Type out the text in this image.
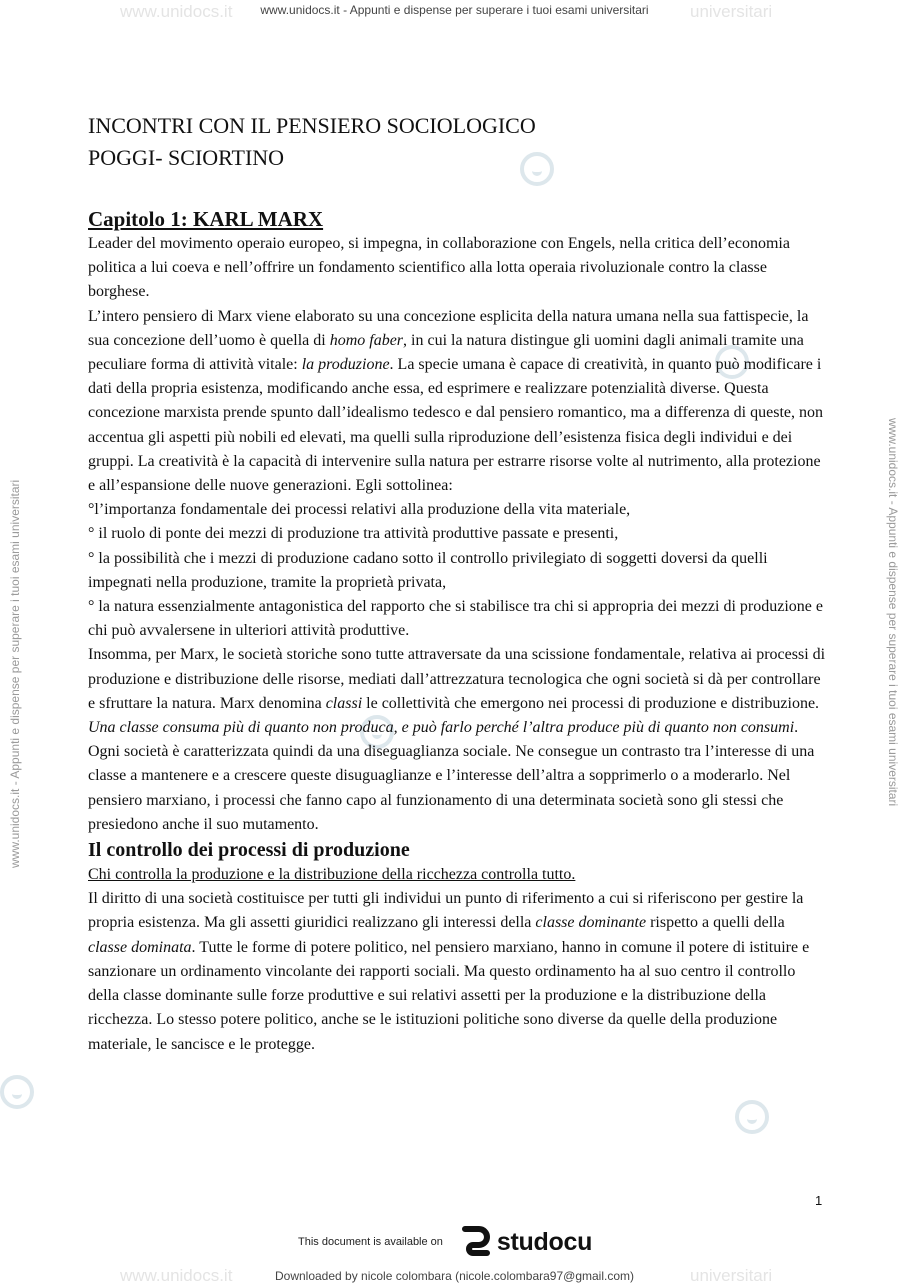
www.unidocs.it	universitari
www.unidocs.it	universitari
www.unidocs.it - Appunti e dispense per superare i tuoi esami universitari
www.unidocs.it - Appunti e dispense per superare i tuoi esami universitari	www.unidocs.it - Appunti e dispense per superare i tuoi esami universitari
INCONTRI CON IL PENSIERO SOCIOLOGICO
POGGI- SCIORTINO
Capitolo 1: KARL MARX

Leader del movimento operaio europeo, si impegna, in collaborazione con Engels, nella critica dell’economia politica a lui coeva e nell’offrire un fondamento scientifico alla lotta operaia rivoluzionale contro la classe borghese.

L’intero pensiero di Marx viene elaborato su una concezione esplicita della natura umana nella sua fattispecie, la sua concezione dell’uomo è quella di homo faber, in cui la natura distingue gli uomini dagli animali tramite una peculiare forma di attività vitale: la produzione. La specie umana è capace di creatività, in quanto può modificare i dati della propria esistenza, modificando anche essa, ed esprimere e realizzare potenzialità diverse. Questa concezione marxista prende spunto dall’idealismo tedesco e dal pensiero romantico, ma a differenza di queste, non accentua gli aspetti più nobili ed elevati, ma quelli sulla riproduzione dell’esistenza fisica degli individui e dei gruppi. La creatività è la capacità di intervenire sulla natura per estrarre risorse volte al nutrimento, alla protezione e all’espansione delle nuove generazioni. Egli sottolinea:

°l’importanza fondamentale dei processi relativi alla produzione della vita materiale,

° il ruolo di ponte dei mezzi di produzione tra attività produttive passate e presenti,

° la possibilità che i mezzi di produzione cadano sotto il controllo privilegiato di soggetti doversi da quelli impegnati nella produzione, tramite la proprietà privata,

° la natura essenzialmente antagonistica del rapporto che si stabilisce tra chi si appropria dei mezzi di produzione e chi può avvalersene in ulteriori attività produttive.

Insomma, per Marx, le società storiche sono tutte attraversate da una scissione fondamentale, relativa ai processi di produzione e distribuzione delle risorse, mediati dall’attrezzatura tecnologica che ogni società si dà per controllare e sfruttare la natura. Marx denomina classi le collettività che emergono nei processi di produzione e distribuzione. Una classe consuma più di quanto non produca, e può farlo perché l’altra produce più di quanto non consumi. Ogni società è caratterizzata quindi da una diseguaglianza sociale. Ne consegue un contrasto tra l’interesse di una classe a mantenere e a crescere queste disuguaglianze e l’interesse dell’altra a sopprimerlo o a moderarlo. Nel pensiero marxiano, i processi che fanno capo al funzionamento di una determinata società sono gli stessi che presiedono anche il suo mutamento.

Il controllo dei processi di produzione

Chi controlla la produzione e la distribuzione della ricchezza controlla tutto.

Il diritto di una società costituisce per tutti gli individui un punto di riferimento a cui si riferiscono per gestire la propria esistenza. Ma gli assetti giuridici realizzano gli interessi della classe dominante rispetto a quelli della classe dominata. Tutte le forme di potere politico, nel pensiero marxiano, hanno in comune il potere di istituire e sanzionare un ordinamento vincolante dei rapporti sociali. Ma questo ordinamento ha al suo centro il controllo della classe dominante sulle forze produttive e sui relativi assetti per la produzione e la distribuzione della ricchezza. Lo stesso potere politico, anche se le istituzioni politiche sono diverse da quelle della produzione materiale, le sancisce e le protegge.

1
This document is available on studocu
Downloaded by nicole colombara (nicole.colombara97@gmail.com)
